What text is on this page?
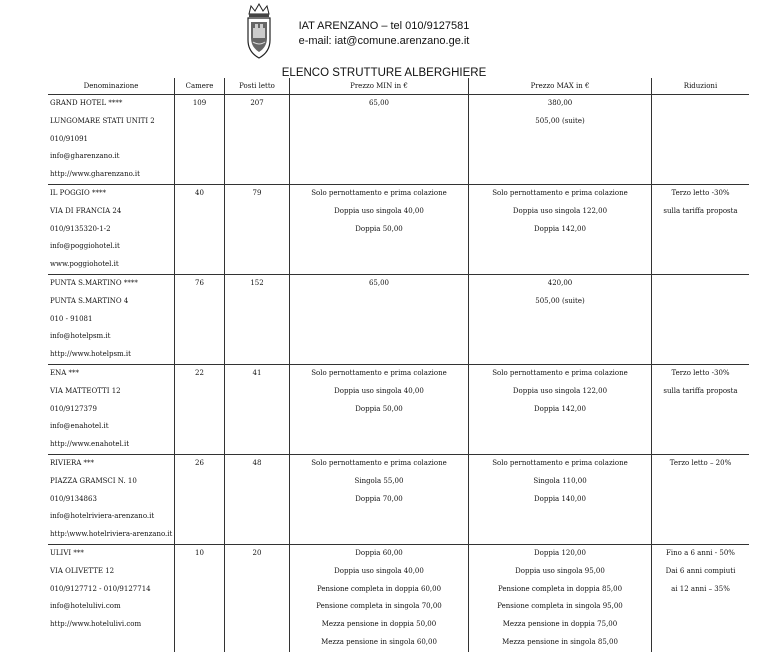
IAT ARENZANO – tel 010/9127581
e-mail: iat@comune.arenzano.ge.it
ELENCO STRUTTURE ALBERGHIERE
Denominazione	Camere	Posti letto	Prezzo MIN in €	Prezzo MAX in €	Riduzioni
GRAND HOTEL ****	109	207	65,00	380,00	
LUNGOMARE STATI UNITI 2				505,00 (suite)	
010/91091					
info@gharenzano.it					
http://www.gharenzano.it					
IL POGGIO ****	40	79	Solo pernottamento e prima colazione	Solo pernottamento e prima colazione	Terzo letto -30%
VIA DI FRANCIA 24			Doppia uso singola 40,00	Doppia uso singola 122,00	sulla tariffa proposta
010/9135320-1-2			Doppia 50,00	Doppia 142,00	
info@poggiohotel.it					
www.poggiohotel.it					
PUNTA S.MARTINO ****	76	152	65,00	420,00	
PUNTA S.MARTINO 4				505,00 (suite)	
010 - 91081					
info@hotelpsm.it					
http://www.hotelpsm.it					
ENA ***	22	41	Solo pernottamento e prima colazione	Solo pernottamento e prima colazione	Terzo letto -30%
VIA MATTEOTTI 12			Doppia uso singola 40,00	Doppia uso singola 122,00	sulla tariffa proposta
010/9127379			Doppia 50,00	Doppia 142,00	
info@enahotel.it					
http://www.enahotel.it					
RIVIERA ***	26	48	Solo pernottamento e prima colazione	Solo pernottamento e prima colazione	Terzo letto – 20%
PIAZZA GRAMSCI N. 10			Singola 55,00	Singola 110,00	
010/9134863			Doppia 70,00	Doppia 140,00	
info@hotelriviera-arenzano.it					
http:\www.hotelriviera-arenzano.it					
ULIVI ***	10	20	Doppia 60,00	Doppia 120,00	Fino a 6 anni - 50%
VIA OLIVETTE 12			Doppia uso singola 40,00	Doppia uso singola 95,00	Dai 6 anni compiuti
010/9127712 - 010/9127714			Pensione completa in doppia 60,00	Pensione completa in doppia 85,00	ai 12 anni – 35%
info@hotelulivi.com			Pensione completa in singola 70,00	Pensione completa in singola 95,00	
http://www.hotelulivi.com			Mezza pensione in doppia 50,00	Mezza pensione in doppia 75,00	
			Mezza pensione in singola 60,00	Mezza pensione in singola 85,00	
